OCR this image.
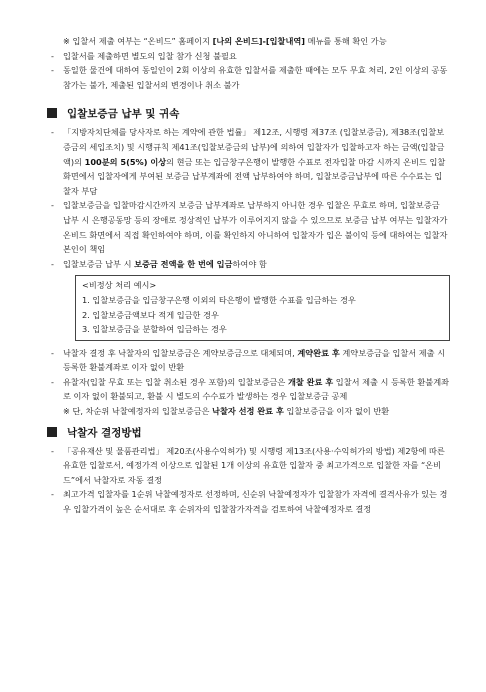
※ 입찰서 제출 여부는 “온비드” 홈페이지 [나의 온비드]-[입찰내역] 메뉴를 통해 확인 가능
- 입찰서를 제출하면 별도의 입찰 참가 신청 불필요
- 동일한 물건에 대하여 동일인이 2회 이상의 유효한 입찰서를 제출한 때에는 모두 무효 처리, 2인 이상의 공동참가는 불가, 제출된 입찰서의 변경이나 취소 불가
입찰보증금 납부 및 귀속
- 「지방자치단체를 당사자로 하는 계약에 관한 법률」 제12조, 시행령 제37조 (입찰보증금), 제38조(입찰보증금의 세입조치) 및 시행규칙 제41조(입찰보증금의 납부)에 의하여 입찰자가 입찰하고자 하는 금액(입찰금액)의 100분의 5(5%) 이상의 현금 또는 입금창구은행이 발행한 수표로 전자입찰 마감 시까지 온비드 입찰화면에서 입찰자에게 부여된 보증금 납부계좌에 전액 납부하여야 하며, 입찰보증금납부에 따른 수수료는 입찰자 부담
- 입찰보증금을 입찰마감시간까지 보증금 납부계좌로 납부하지 아니한 경우 입찰은 무효로 하며, 입찰보증금 납부 시 은행공동망 등의 장애로 정상적인 납부가 이루어지지 않을 수 있으므로 보증금 납부 여부는 입찰자가 온비드 화면에서 직접 확인하여야 하며, 이를 확인하지 아니하여 입찰자가 입은 불이익 등에 대하여는 입찰자 본인이 책임
- 입찰보증금 납부 시 보증금 전액을 한 번에 입금하여야 함
<비정상 처리 예시>
1. 입찰보증금을 입금창구은행 이외의 타은행이 발행한 수표를 입금하는 경우
2. 입찰보증금액보다 적게 입금한 경우
3. 입찰보증금을 분할하여 입금하는 경우
- 낙찰자 결정 후 낙찰자의 입찰보증금은 계약보증금으로 대체되며, 계약완료 후 계약보증금을 입찰서 제출 시 등록한 환불계좌로 이자 없이 반환
- 유찰자(입찰 무효 또는 입찰 취소된 경우 포함)의 입찰보증금은 개찰 완료 후 입찰서 제출 시 등록한 환불계좌로 이자 없이 환불되고, 환불 시 별도의 수수료가 발생하는 경우 입찰보증금 공제
※ 단, 차순위 낙찰예정자의 입찰보증금은 낙찰자 선정 완료 후 입찰보증금을 이자 없이 반환
낙찰자 결정방법
- 「공유재산 및 물품관리법」 제20조(사용수익허가) 및 시행령 제13조(사용·수익허가의 방법) 제2항에 따른 유효한 입찰로서, 예정가격 이상으로 입찰된 1개 이상의 유효한 입찰자 중 최고가격으로 입찰한 자를 “온비드”에서 낙찰자로 자동 결정
- 최고가격 입찰자를 1순위 낙찰예정자로 선정하며, 신순위 낙찰예정자가 입찰참가 자격에 결격사유가 있는 경우 입찰가격이 높은 순서대로 후 순위자의 입찰참가자격을 검토하여 낙찰예정자로 결정
